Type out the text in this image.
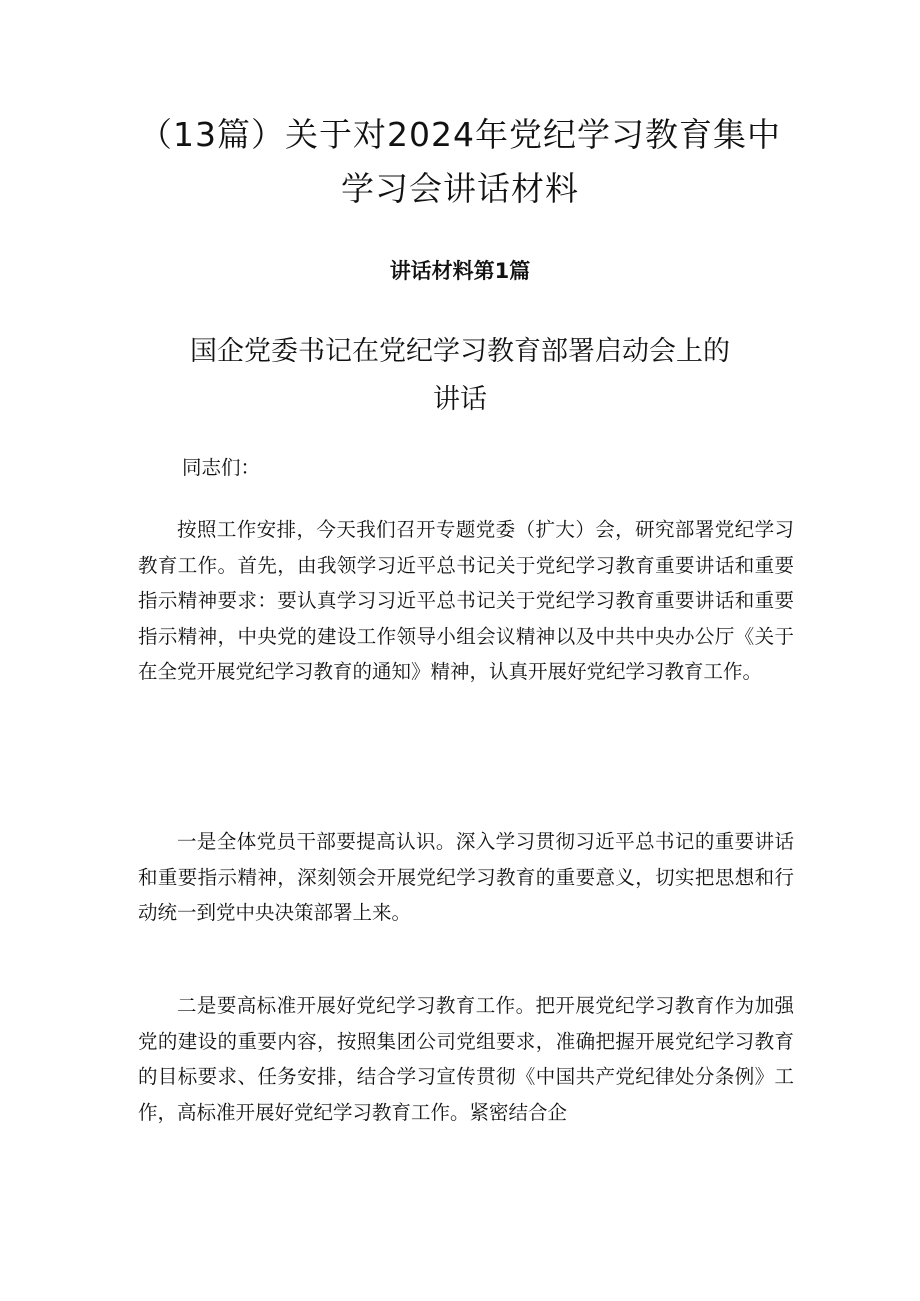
（13篇）关于对2024年党纪学习教育集中
学习会讲话材料
讲话材料第1篇
国企党委书记在党纪学习教育部署启动会上的
讲话

同志们：

按照工作安排，今天我们召开专题党委（扩大）会，研究部署党纪学习教育工作。首先，由我领学习近平总书记关于党纪学习教育重要讲话和重要指示精神要求：要认真学习习近平总书记关于党纪学习教育重要讲话和重要指示精神，中央党的建设工作领导小组会议精神以及中共中央办公厅《关于在全党开展党纪学习教育的通知》精神，认真开展好党纪学习教育工作。

一是全体党员干部要提高认识。深入学习贯彻习近平总书记的重要讲话和重要指示精神，深刻领会开展党纪学习教育的重要意义，切实把思想和行动统一到党中央决策部署上来。

二是要高标准开展好党纪学习教育工作。把开展党纪学习教育作为加强党的建设的重要内容，按照集团公司党组要求，准确把握开展党纪学习教育的目标要求、任务安排，结合学习宣传贯彻《中国共产党纪律处分条例》工作，高标准开展好党纪学习教育工作。紧密结合企
